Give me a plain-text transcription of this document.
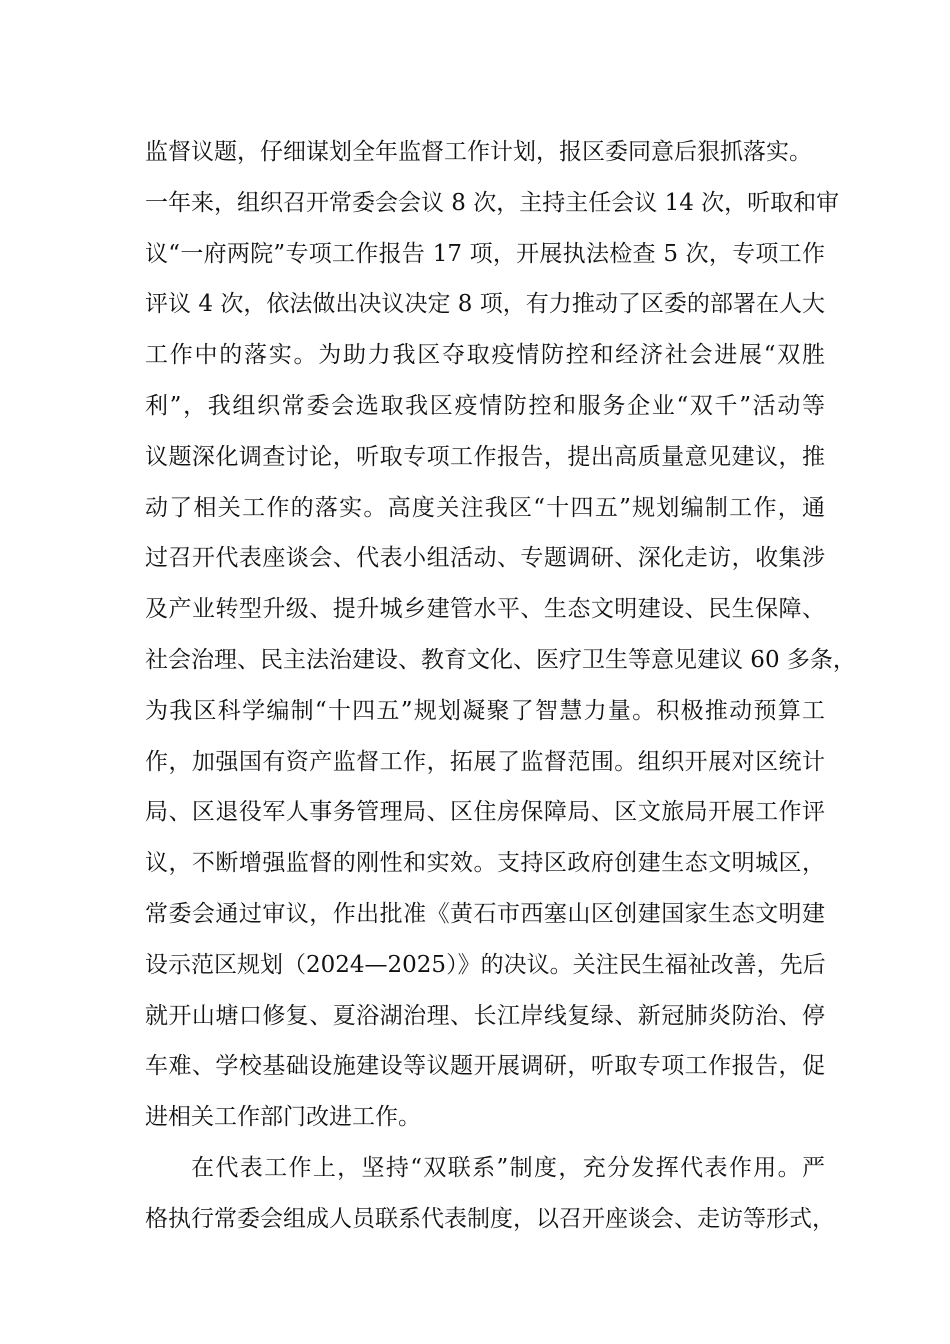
监督议题，仔细谋划全年监督工作计划，报区委同意后狠抓落实。
一年来，组织召开常委会会议 8 次，主持主任会议 14 次，听取和审
议“一府两院”专项工作报告 17 项，开展执法检查 5 次，专项工作
评议 4 次，依法做出决议决定 8 项，有力推动了区委的部署在人大
工作中的落实。为助力我区夺取疫情防控和经济社会进展“双胜
利”，我组织常委会选取我区疫情防控和服务企业“双千”活动等
议题深化调查讨论，听取专项工作报告，提出高质量意见建议，推
动了相关工作的落实。高度关注我区“十四五”规划编制工作，通
过召开代表座谈会、代表小组活动、专题调研、深化走访，收集涉
及产业转型升级、提升城乡建管水平、生态文明建设、民生保障、
社会治理、民主法治建设、教育文化、医疗卫生等意见建议 60 多条，
为我区科学编制“十四五”规划凝聚了智慧力量。积极推动预算工
作，加强国有资产监督工作，拓展了监督范围。组织开展对区统计
局、区退役军人事务管理局、区住房保障局、区文旅局开展工作评
议，不断增强监督的刚性和实效。支持区政府创建生态文明城区，
常委会通过审议，作出批准《黄石市西塞山区创建国家生态文明建
设示范区规划（2024—2025）》的决议。关注民生福祉改善，先后
就开山塘口修复、夏浴湖治理、长江岸线复绿、新冠肺炎防治、停
车难、学校基础设施建设等议题开展调研，听取专项工作报告，促
进相关工作部门改进工作。
在代表工作上，坚持“双联系”制度，充分发挥代表作用。严
格执行常委会组成人员联系代表制度，以召开座谈会、走访等形式，
